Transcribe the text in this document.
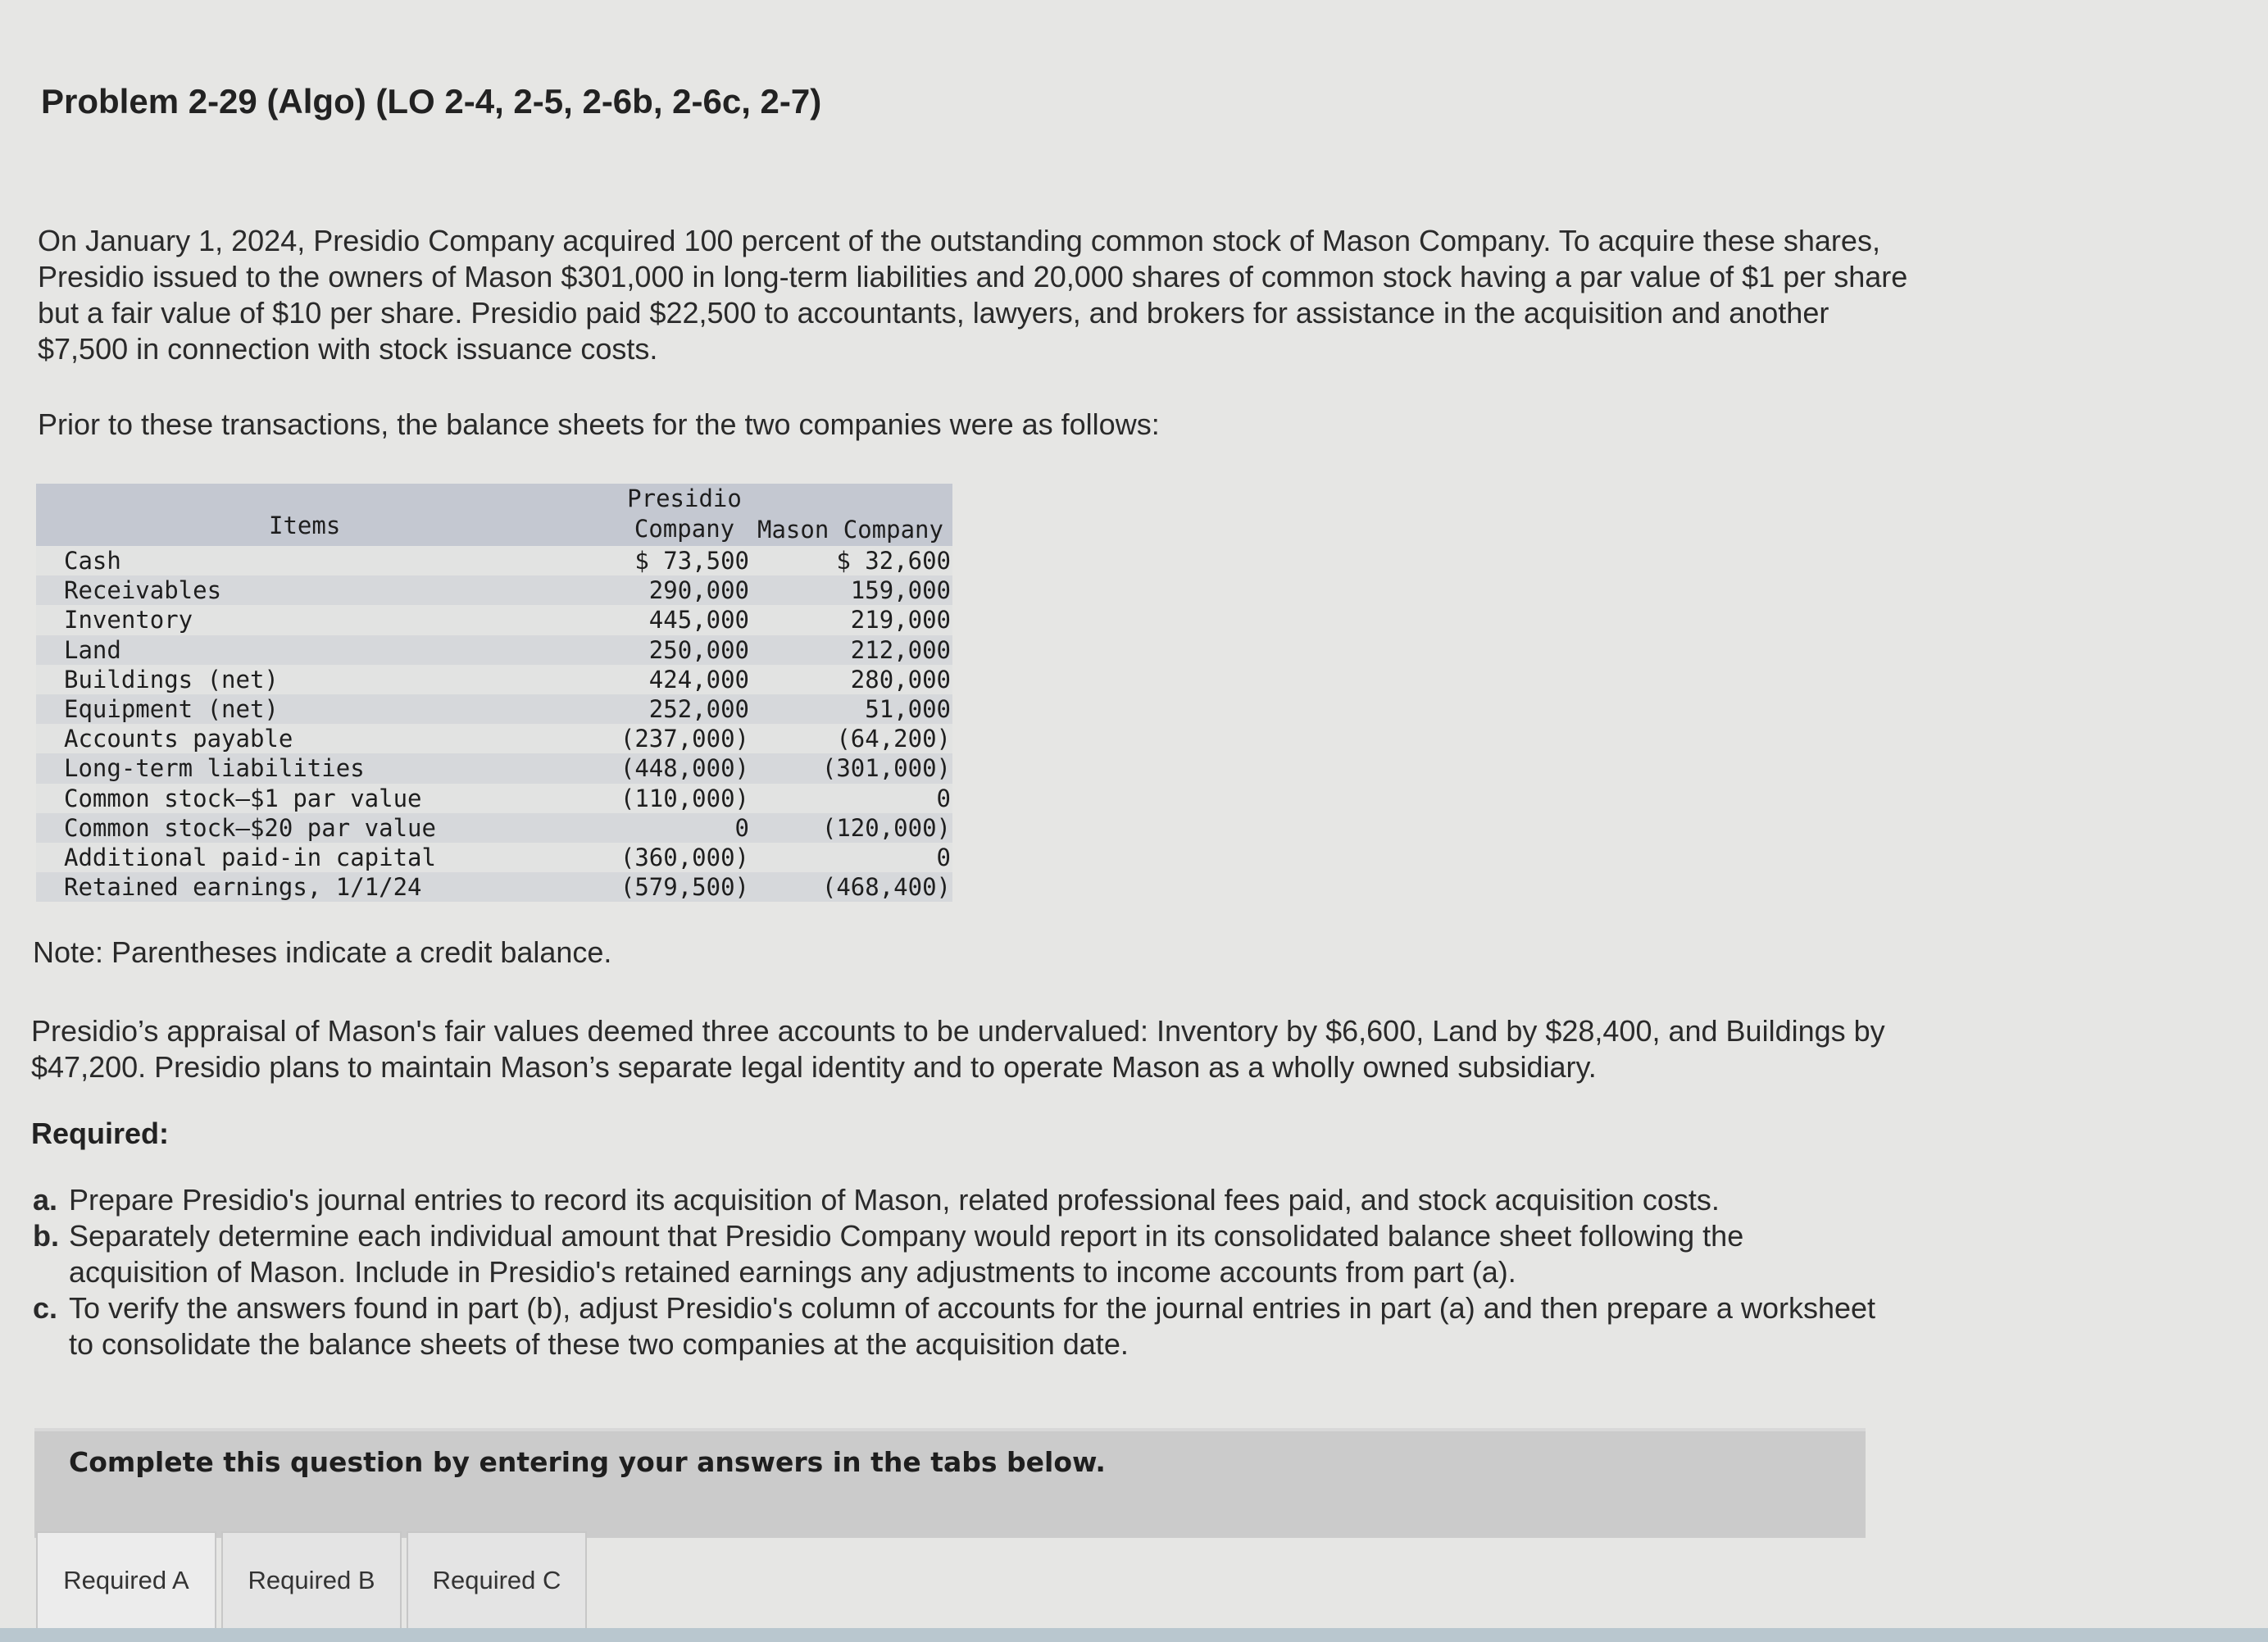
Problem 2-29 (Algo) (LO 2-4, 2-5, 2-6b, 2-6c, 2-7)
On January 1, 2024, Presidio Company acquired 100 percent of the outstanding common stock of Mason Company. To acquire these shares, Presidio issued to the owners of Mason $301,000 in long-term liabilities and 20,000 shares of common stock having a par value of $1 per share but a fair value of $10 per share. Presidio paid $22,500 to accountants, lawyers, and brokers for assistance in the acquisition and another $7,500 in connection with stock issuance costs.
Prior to these transactions, the balance sheets for the two companies were as follows:
Items
Presidio
Company Mason Company
Cash	$ 73,500	$ 32,600
Receivables	290,000	159,000
Inventory	445,000	219,000
Land	250,000	212,000
Buildings (net)	424,000	280,000
Equipment (net)	252,000	51,000
Accounts payable	(237,000)	(64,200)
Long-term liabilities	(448,000)	(301,000)
Common stock—$1 par value	(110,000)	0
Common stock—$20 par value	0	(120,000)
Additional paid-in capital	(360,000)	0
Retained earnings, 1/1/24	(579,500)	(468,400)
Note: Parentheses indicate a credit balance.
Presidio’s appraisal of Mason's fair values deemed three accounts to be undervalued: Inventory by $6,600, Land by $28,400, and Buildings by $47,200. Presidio plans to maintain Mason’s separate legal identity and to operate Mason as a wholly owned subsidiary.
Required:
a. Prepare Presidio's journal entries to record its acquisition of Mason, related professional fees paid, and stock acquisition costs.
b. Separately determine each individual amount that Presidio Company would report in its consolidated balance sheet following the acquisition of Mason. Include in Presidio's retained earnings any adjustments to income accounts from part (a).
c. To verify the answers found in part (b), adjust Presidio's column of accounts for the journal entries in part (a) and then prepare a worksheet to consolidate the balance sheets of these two companies at the acquisition date.
Complete this question by entering your answers in the tabs below.
Required A	Required B	Required C
